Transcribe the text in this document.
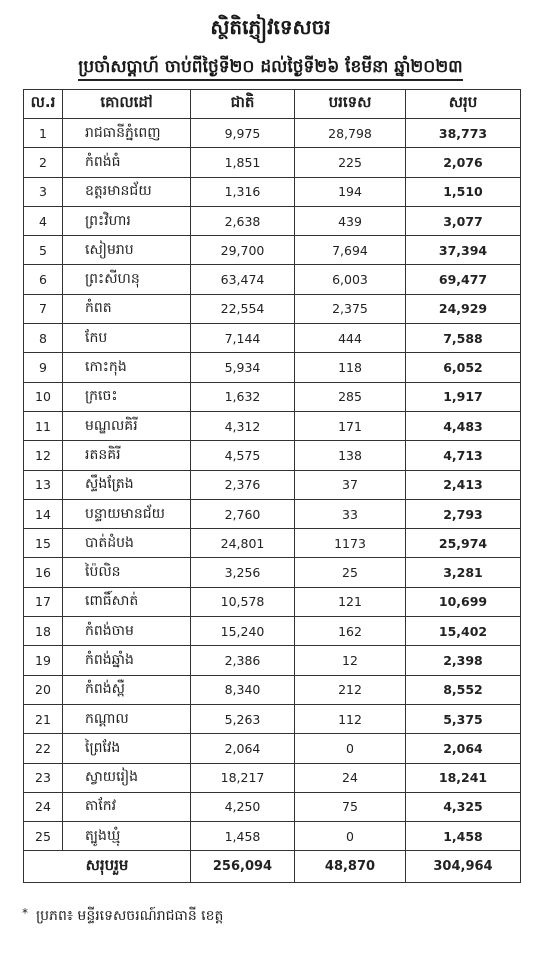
ស្ថិតិភ្ញៀវទេសចរ
ប្រចាំសប្តាហ៍ ចាប់ពីថ្ងៃទី២០ ដល់ថ្ងៃទី២៦ ខែមីនា ឆ្នាំ២០២៣
ល.រ	គោលដៅ	ជាតិ	បរទេស	សរុប
1	រាជធានីភ្នំពេញ	9,975	28,798	38,773
2	កំពង់ធំ	1,851	225	2,076
3	ឧត្តរមានជ័យ	1,316	194	1,510
4	ព្រះវិហារ	2,638	439	3,077
5	សៀមរាប	29,700	7,694	37,394
6	ព្រះសីហនុ	63,474	6,003	69,477
7	កំពត	22,554	2,375	24,929
8	កែប	7,144	444	7,588
9	កោះកុង	5,934	118	6,052
10	ក្រចេះ	1,632	285	1,917
11	មណ្ឌលគិរី	4,312	171	4,483
12	រតនគិរី	4,575	138	4,713
13	ស្ទឹងត្រែង	2,376	37	2,413
14	បន្ទាយមានជ័យ	2,760	33	2,793
15	បាត់ដំបង	24,801	1173	25,974
16	ប៉ៃលិន	3,256	25	3,281
17	ពោធិ៍សាត់	10,578	121	10,699
18	កំពង់ចាម	15,240	162	15,402
19	កំពង់ឆ្នាំង	2,386	12	2,398
20	កំពង់ស្ពឺ	8,340	212	8,552
21	កណ្តាល	5,263	112	5,375
22	ព្រៃវែង	2,064	0	2,064
23	ស្វាយរៀង	18,217	24	18,241
24	តាកែវ	4,250	75	4,325
25	ត្បូងឃ្មុំ	1,458	0	1,458
សរុបរួម		256,094	48,870	304,964
* ប្រភព៖ មន្ទីរទេសចរណ៍រាជធានី ខេត្ត
